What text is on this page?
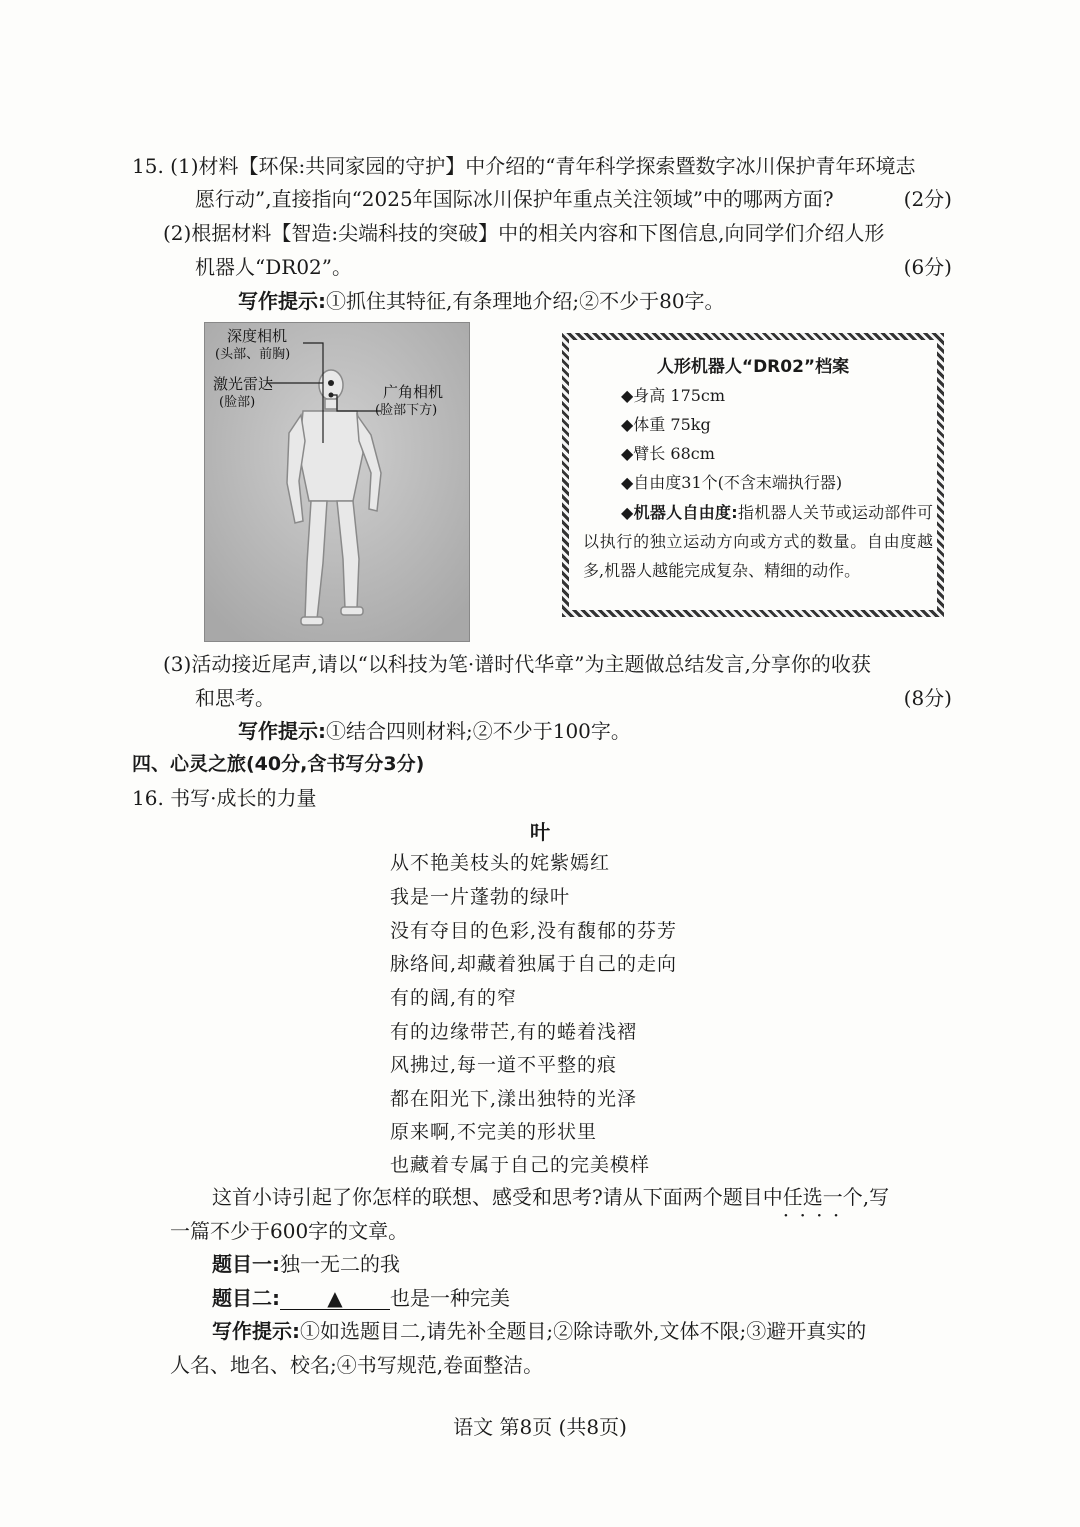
15. (1)材料【环保:共同家园的守护】中介绍的“青年科学探索暨数字冰川保护青年环境志
愿行动”,直接指向“2025年国际冰川保护年重点关注领域”中的哪两方面?	(2分)
(2)根据材料【智造:尖端科技的突破】中的相关内容和下图信息,向同学们介绍人形
机器人“DR02”。	(6分)
写作提示:①抓住其特征,有条理地介绍;②不少于80字。
深度相机
(头部、前胸)
激光雷达
(脸部)
广角相机
(脸部下方)
人形机器人“DR02”档案
◆身高 175cm
◆体重 75kg
◆臂长 68cm
◆自由度31个(不含末端执行器)
◆机器人自由度:指机器人关节或运动部件可以执行的独立运动方向或方式的数量。自由度越多,机器人越能完成复杂、精细的动作。
(3)活动接近尾声,请以“以科技为笔·谱时代华章”为主题做总结发言,分享你的收获
和思考。	(8分)
写作提示:①结合四则材料;②不少于100字。
四、心灵之旅(40分,含书写分3分)
16. 书写·成长的力量
叶
从不艳美枝头的姹紫嫣红
我是一片蓬勃的绿叶
没有夺目的色彩,没有馥郁的芬芳
脉络间,却藏着独属于自己的走向
有的阔,有的窄
有的边缘带芒,有的蜷着浅褶
风拂过,每一道不平整的痕
都在阳光下,漾出独特的光泽
原来啊,不完美的形状里
也藏着专属于自己的完美模样
这首小诗引起了你怎样的联想、感受和思考?请从下面两个题目中任选一个 · · · ·,写
一篇不少于600字的文章。
题目一:独一无二的我
题目二: ▲ 也是一种完美
写作提示:①如选题目二,请先补全题目;②除诗歌外,文体不限;③避开真实的
人名、地名、校名;④书写规范,卷面整洁。
语文 第8页 (共8页)
